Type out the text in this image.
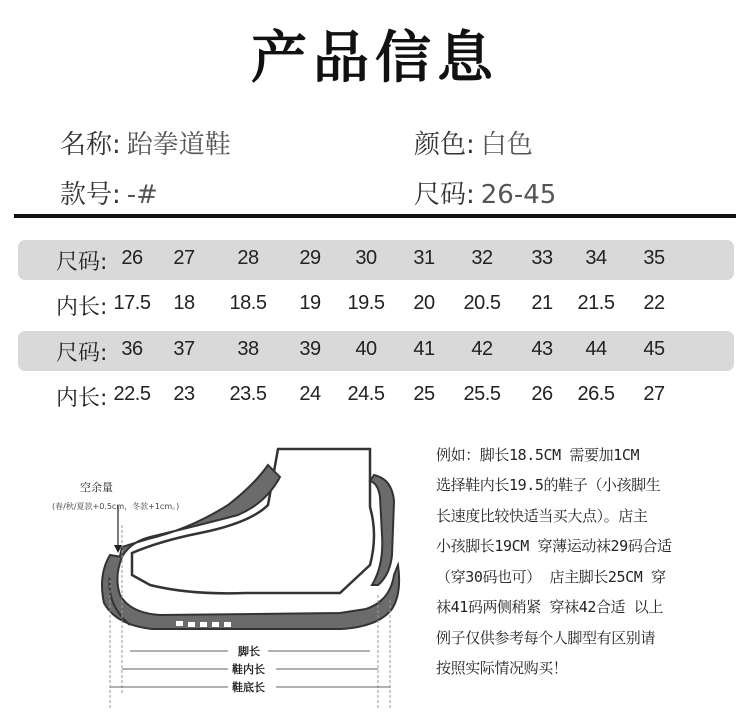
产品信息
名称: 跆拳道鞋	颜色: 白色
款号: -#	尺码: 26-45
尺码: 26	27	28	29	30	31	32	33	34	35
内长: 17.5	18	18.5	19	19.5	20	20.5	21	21.5	22
尺码: 36	37	38	39	40	41	42	43	44	45
内长: 22.5	23	23.5	24	24.5	25	25.5	26	26.5	27
空余量
(春/秋/夏款+0.5cm，冬款+1cm。)
脚长
鞋内长
鞋底长
例如：脚长18.5CM 需要加1CM
选择鞋内长19.5的鞋子（小孩脚生
长速度比较快适当买大点）。店主
小孩脚长19CM 穿薄运动袜29码合适
（穿30码也可） 店主脚长25CM 穿
袜41码两侧稍紧 穿袜42合适 以上
例子仅供参考每个人脚型有区别请
按照实际情况购买！
